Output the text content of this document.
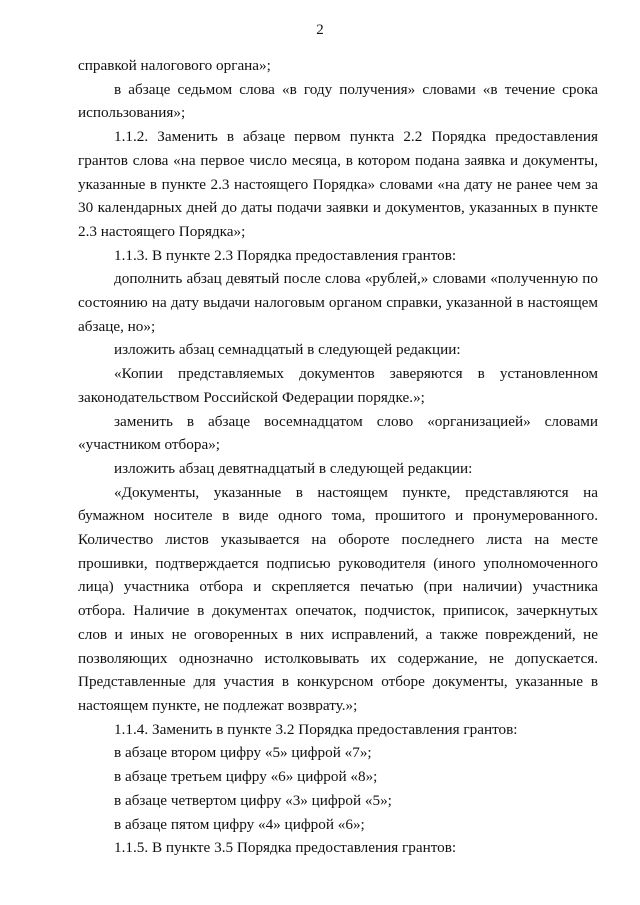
2

справкой налогового органа»;

в абзаце седьмом слова «в году получения» словами «в течение срока использования»;

1.1.2. Заменить в абзаце первом пункта 2.2 Порядка предоставления грантов слова «на первое число месяца, в котором подана заявка и документы, указанные в пункте 2.3 настоящего Порядка» словами «на дату не ранее чем за 30 календарных дней до даты подачи заявки и документов, указанных в пункте 2.3 настоящего Порядка»;

1.1.3. В пункте 2.3 Порядка предоставления грантов:

дополнить абзац девятый после слова «рублей,» словами «полученную по состоянию на дату выдачи налоговым органом справки, указанной в настоящем абзаце, но»;

изложить абзац семнадцатый в следующей редакции:

«Копии представляемых документов заверяются в установленном законодательством Российской Федерации порядке.»;

заменить в абзаце восемнадцатом слово «организацией» словами «участником отбора»;

изложить абзац девятнадцатый в следующей редакции:

«Документы, указанные в настоящем пункте, представляются на бумажном носителе в виде одного тома, прошитого и пронумерованного. Количество листов указывается на обороте последнего листа на месте прошивки, подтверждается подписью руководителя (иного уполномоченного лица) участника отбора и скрепляется печатью (при наличии) участника отбора. Наличие в документах опечаток, подчисток, приписок, зачеркнутых слов и иных не оговоренных в них исправлений, а также повреждений, не позволяющих однозначно истолковывать их содержание, не допускается. Представленные для участия в конкурсном отборе документы, указанные в настоящем пункте, не подлежат возврату.»;

1.1.4. Заменить в пункте 3.2 Порядка предоставления грантов:

в абзаце втором цифру «5» цифрой «7»;

в абзаце третьем цифру «6» цифрой «8»;

в абзаце четвертом цифру «3» цифрой «5»;

в абзаце пятом цифру «4» цифрой «6»;

1.1.5. В пункте 3.5 Порядка предоставления грантов:
